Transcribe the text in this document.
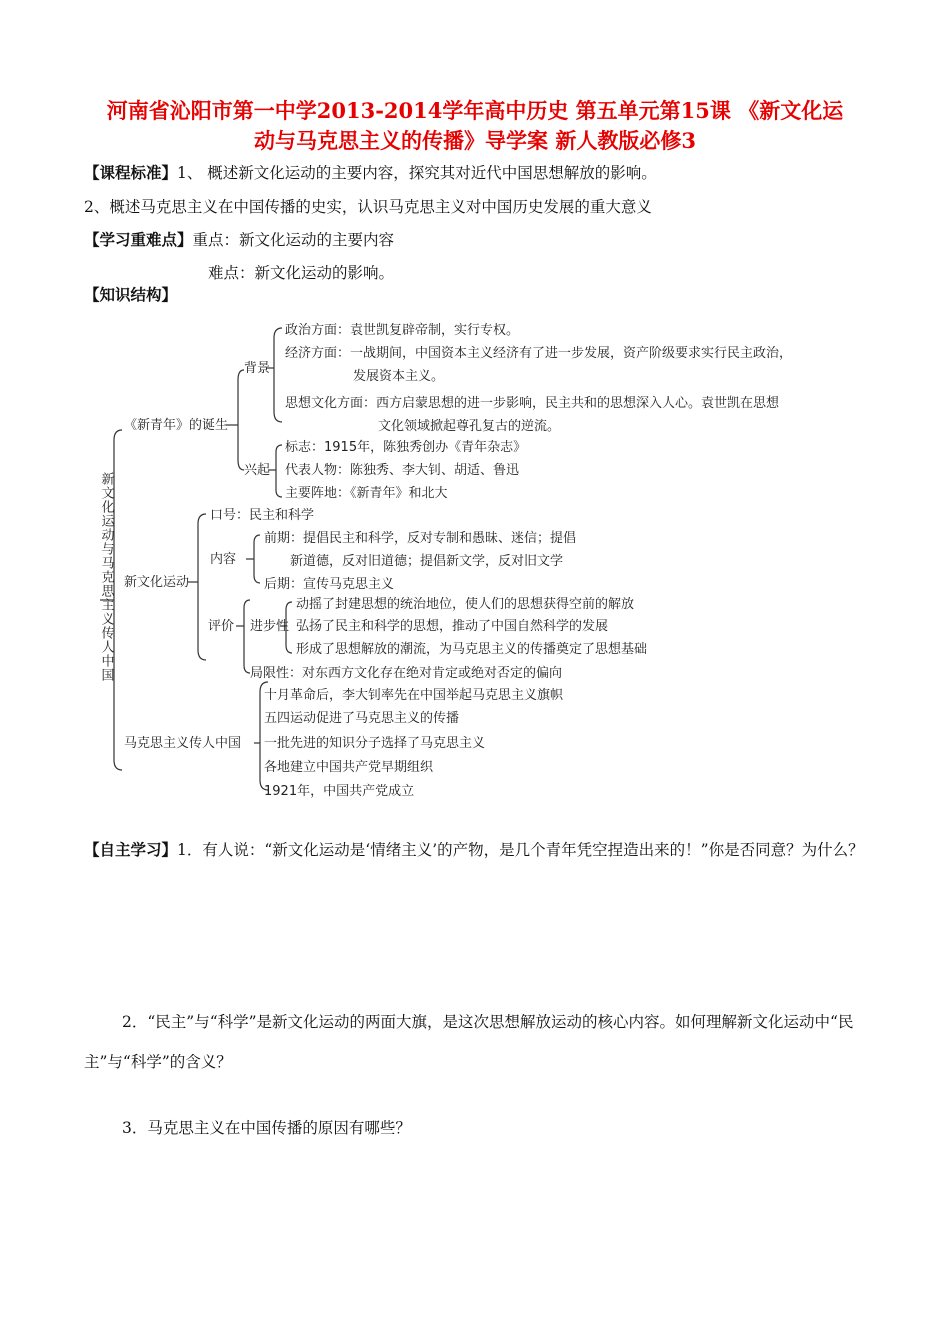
河南省沁阳市第一中学2013-2014学年高中历史 第五单元第15课 《新文化运
动与马克思主义的传播》导学案 新人教版必修3
【课程标准】1、 概述新文化运动的主要内容，探究其对近代中国思想解放的影响。
2、概述马克思主义在中国传播的史实，认识马克思主义对中国历史发展的重大意义
【学习重难点】重点：新文化运动的主要内容
难点：新文化运动的影响。
【知识结构】
新文化运动与马克思主义传人中国
《新青年》的诞生
背景
政治方面：袁世凯复辟帝制，实行专权。
经济方面：一战期间，中国资本主义经济有了进一步发展，资产阶级要求实行民主政治，
发展资本主义。
思想文化方面：西方启蒙思想的进一步影响，民主共和的思想深入人心。袁世凯在思想
文化领域掀起尊孔复古的逆流。
兴起
标志：1915年，陈独秀创办《青年杂志》
代表人物：陈独秀、李大钊、胡适、鲁迅
主要阵地：《新青年》和北大
新文化运动
口号：民主和科学
内容
前期：提倡民主和科学，反对专制和愚昧、迷信；提倡
新道德，反对旧道德；提倡新文学，反对旧文学
后期：宣传马克思主义
评价 进步性
动摇了封建思想的统治地位，使人们的思想获得空前的解放
弘扬了民主和科学的思想，推动了中国自然科学的发展
形成了思想解放的潮流，为马克思主义的传播奠定了思想基础
局限性：对东西方文化存在绝对肯定或绝对否定的偏向
马克思主义传人中国
十月革命后，李大钊率先在中国举起马克思主义旗帜
五四运动促进了马克思主义的传播
一批先进的知识分子选择了马克思主义
各地建立中国共产党早期组织
1921年，中国共产党成立
【自主学习】1．有人说：“新文化运动是‘情绪主义’的产物，是几个青年凭空捏造出来的！”你是否同意？为什么？
2．“民主”与“科学”是新文化运动的两面大旗，是这次思想解放运动的核心内容。如何理解新文化运动中“民主”与“科学”的含义？
3．马克思主义在中国传播的原因有哪些？
